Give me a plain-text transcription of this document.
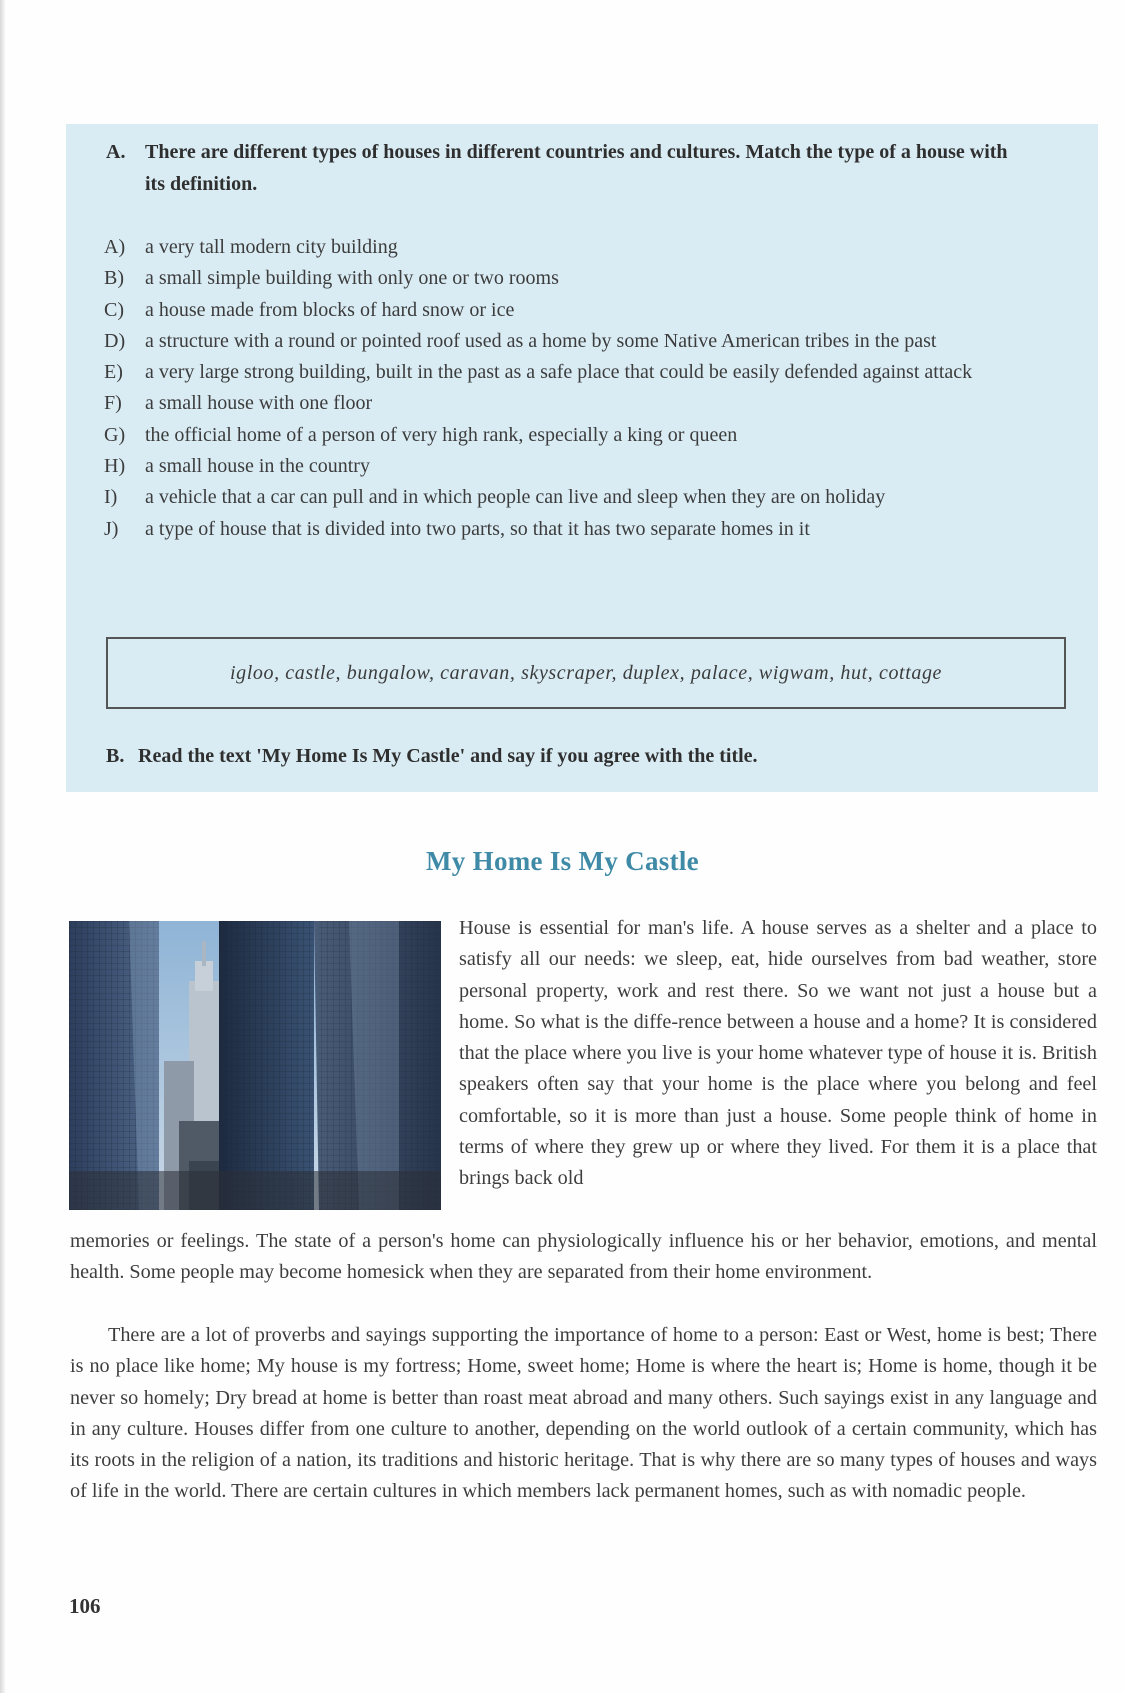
A. There are different types of houses in different countries and cultures. Match the type of a house with its definition.
A) a very tall modern city building
B)	a small simple building with only one or two rooms
C)	a house made from blocks of hard snow or ice
D) a structure with a round or pointed roof used as a home by some Native American tribes in the past
E)	a very large strong building, built in the past as a safe place that could be easily defended against attack
F)	a small house with one floor
G) the official home of a person of very high rank, especially a king or queen
H) a small house in the country
I)	a vehicle that a car can pull and in which people can live and sleep when they are on holiday
J)	a type of house that is divided into two parts, so that it has two separate homes in it
igloo, castle, bungalow, caravan, skyscraper, duplex, palace, wigwam, hut, cottage
B. Read the text 'My Home Is My Castle' and say if you agree with the title.
My Home Is My Castle

House is essential for man's life. A house serves as a shelter and a place to satisfy all our needs: we sleep, eat, hide ourselves from bad weather, store personal property, work and rest there. So we want not just a house but a home. So what is the diffe-rence between a house and a home? It is considered that the place where you live is your home whatever type of house it is. British speakers often say that your home is the place where you belong and feel comfortable, so it is more than just a house. Some people think of home in terms of where they grew up or where they lived. For them it is a place that brings back old

memories or feelings. The state of a person's home can physiologically influence his or her behavior, emotions, and mental health. Some people may become homesick when they are separated from their home environment.

There are a lot of proverbs and sayings supporting the importance of home to a person: East or West, home is best; There is no place like home; My house is my fortress; Home, sweet home; Home is where the heart is; Home is home, though it be never so homely; Dry bread at home is better than roast meat abroad and many others. Such sayings exist in any language and in any culture. Houses differ from one culture to another, depending on the world outlook of a certain community, which has its roots in the religion of a nation, its traditions and historic heritage. That is why there are so many types of houses and ways of life in the world. There are certain cultures in which members lack permanent homes, such as with nomadic people.

106
